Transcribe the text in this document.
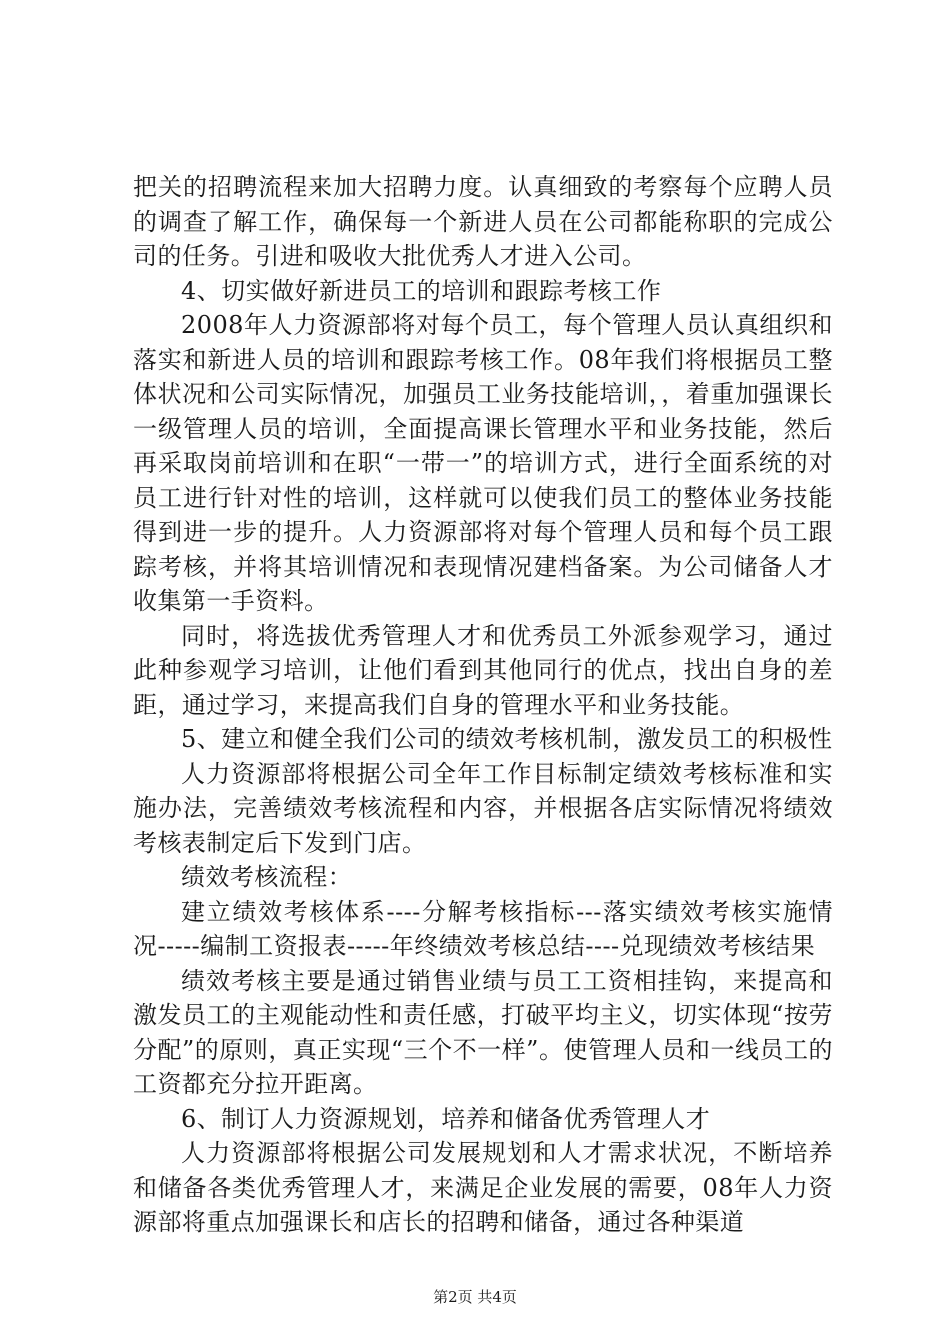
把关的招聘流程来加大招聘力度。认真细致的考察每个应聘人员的调查了解工作，确保每一个新进人员在公司都能称职的完成公司的任务。引进和吸收大批优秀人才进入公司。

4、切实做好新进员工的培训和跟踪考核工作

2008年人力资源部将对每个员工，每个管理人员认真组织和落实和新进人员的培训和跟踪考核工作。08年我们将根据员工整体状况和公司实际情况，加强员工业务技能培训，，着重加强课长一级管理人员的培训，全面提高课长管理水平和业务技能，然后再采取岗前培训和在职“一带一”的培训方式，进行全面系统的对员工进行针对性的培训，这样就可以使我们员工的整体业务技能得到进一步的提升。人力资源部将对每个管理人员和每个员工跟踪考核，并将其培训情况和表现情况建档备案。为公司储备人才收集第一手资料。

同时，将选拔优秀管理人才和优秀员工外派参观学习，通过此种参观学习培训，让他们看到其他同行的优点，找出自身的差距，通过学习，来提高我们自身的管理水平和业务技能。

5、建立和健全我们公司的绩效考核机制，激发员工的积极性

人力资源部将根据公司全年工作目标制定绩效考核标准和实施办法，完善绩效考核流程和内容，并根据各店实际情况将绩效考核表制定后下发到门店。

绩效考核流程：

建立绩效考核体系----分解考核指标---落实绩效考核实施情况-----编制工资报表-----年终绩效考核总结----兑现绩效考核结果

绩效考核主要是通过销售业绩与员工工资相挂钩，来提高和激发员工的主观能动性和责任感，打破平均主义，切实体现“按劳分配”的原则，真正实现“三个不一样”。使管理人员和一线员工的工资都充分拉开距离。

6、制订人力资源规划，培养和储备优秀管理人才

人力资源部将根据公司发展规划和人才需求状况，不断培养和储备各类优秀管理人才，来满足企业发展的需要，08年人力资源部将重点加强课长和店长的招聘和储备，通过各种渠道

第2页 共4页
